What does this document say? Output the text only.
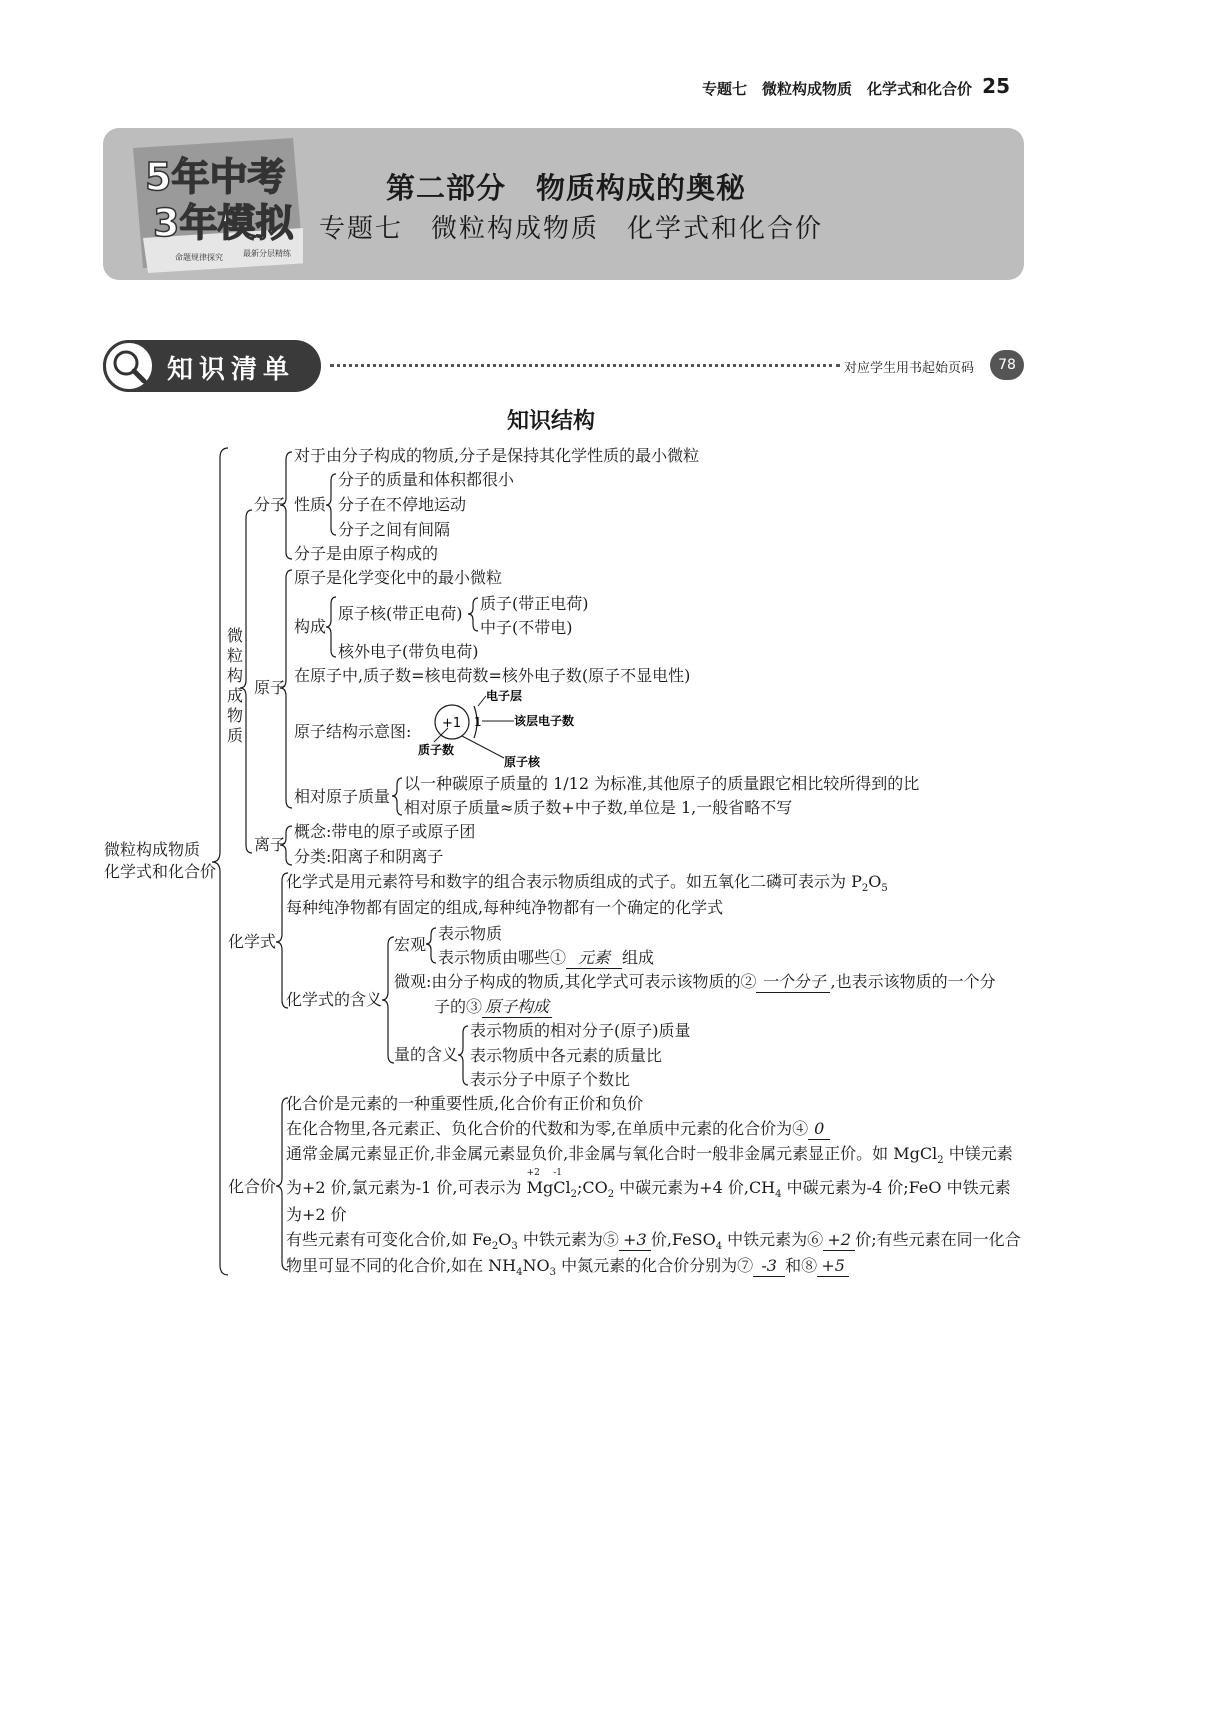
专题七　微粒构成物质　化学式和化合价 25
5年中考
3年模拟
命题规律探究	最新分层精练
第二部分　物质构成的奥秘
专题七　微粒构成物质　化学式和化合价
知识清单	对应学生用书起始页码	78
知识结构
微粒构成物质
化学式和化合价
微粒构成物质
分子
对于由分子构成的物质,分子是保持其化学性质的最小微粒
性质
分子的质量和体积都很小
分子在不停地运动
分子之间有间隔
分子是由原子构成的
原子
原子是化学变化中的最小微粒
构成
原子核(带正电荷)
质子(带正电荷)
中子(不带电)
核外电子(带负电荷)
在原子中,质子数=核电荷数=核外电子数(原子不显电性)
原子结构示意图: +1 1
电子层
该层电子数
质子数
原子核
相对原子质量
以一种碳原子质量的 1/12 为标准,其他原子的质量跟它相比较所得到的比
相对原子质量≈质子数+中子数,单位是 1,一般省略不写
离子
概念:带电的原子或原子团
分类:阳离子和阴离子
化学式
化学式是用元素符号和数字的组合表示物质组成的式子。如五氧化二磷可表示为 $P_2O_5$
每种纯净物都有固定的组成,每种纯净物都有一个确定的化学式
化学式的含义
宏观
表示物质
表示物质由哪些① 元素 组成
微观:由分子构成的物质,其化学式可表示该物质的② 一个分子 ,也表示该物质的一个分
子的③ 原子构成
量的含义
表示物质的相对分子(原子)质量
表示物质中各元素的质量比
表示分子中原子个数比
化合价
化合价是元素的一种重要性质,化合价有正价和负价
在化合物里,各元素正、负化合价的代数和为零,在单质中元素的化合价为④ 0
通常金属元素显正价,非金属元素显负价,非金属与氧化合时一般非金属元素显正价。如 MgCl$_2$ 中镁元素
为+2 价,氯元素为-1 价,可表示为
+2
Mg
-1
$Cl_2;CO_2$ 中碳元素为+4 价$,CH_4$ 中碳元素为-4 价;FeO 中铁元素
为+2 价
有些元素有可变化合价,如 $Fe_2O_3$ 中铁元素为⑤ +3 价,FeSO$_4$ 中铁元素为⑥ +2 价;有些元素在同一化合
物里可显不同的化合价,如在 $NH_4NO_3$ 中氮元素的化合价分别为⑦ -3 和⑧ +5
